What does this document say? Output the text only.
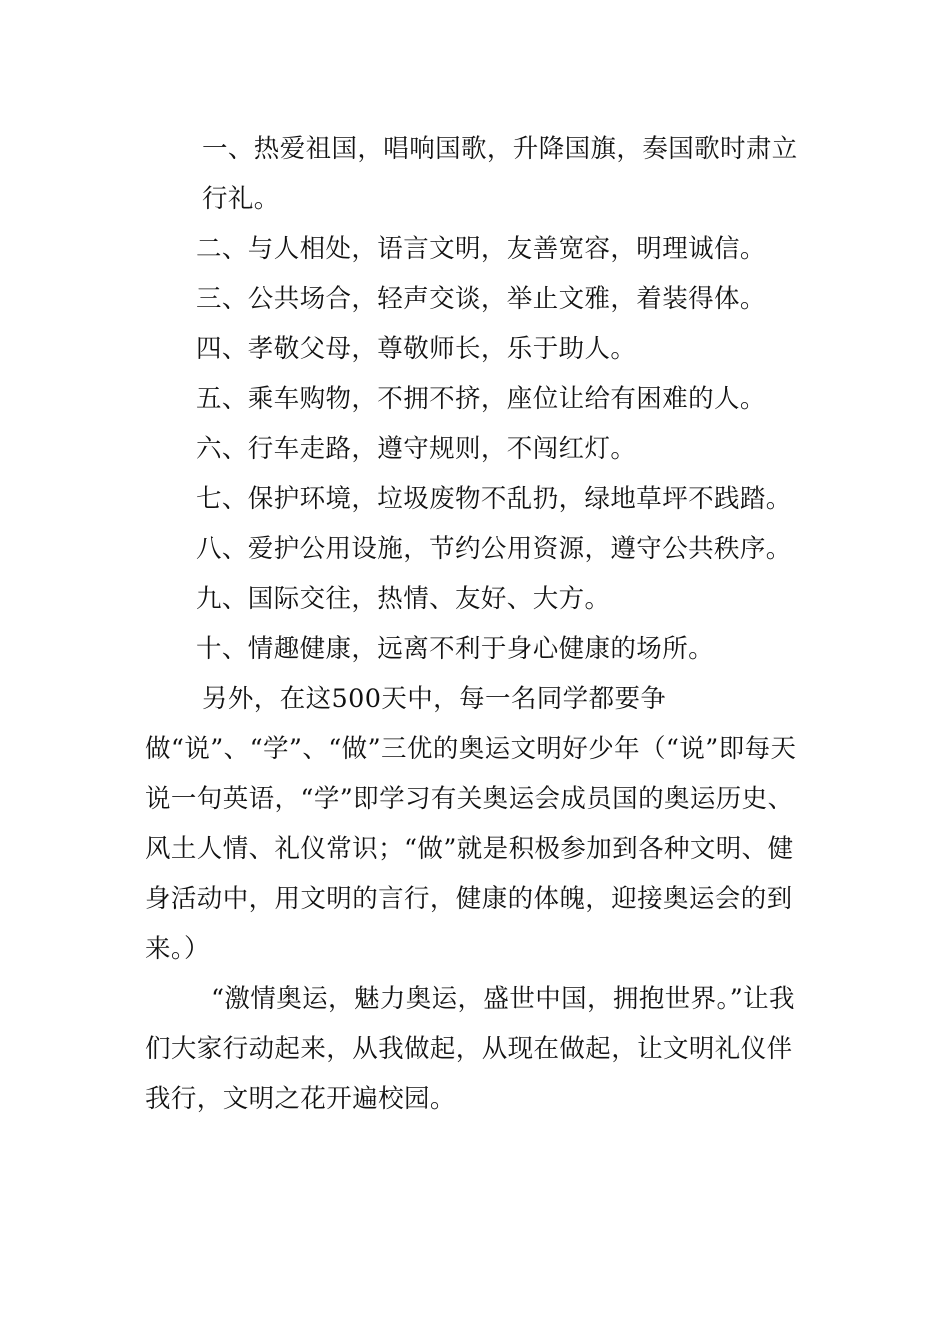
一、热爱祖国，唱响国歌，升降国旗，奏国歌时肃立行礼。

二、与人相处，语言文明，友善宽容，明理诚信。

三、公共场合，轻声交谈，举止文雅，着装得体。

四、孝敬父母，尊敬师长，乐于助人。

五、乘车购物，不拥不挤，座位让给有困难的人。

六、行车走路，遵守规则，不闯红灯。

七、保护环境，垃圾废物不乱扔，绿地草坪不践踏。

八、爱护公用设施，节约公用资源，遵守公共秩序。

九、国际交往，热情、友好、大方。

十、情趣健康，远离不利于身心健康的场所。

另外，在这500天中，每一名同学都要争做“说”、“学”、“做”三优的奥运文明好少年（“说”即每天说一句英语，“学”即学习有关奥运会成员国的奥运历史、风土人情、礼仪常识；“做”就是积极参加到各种文明、健身活动中，用文明的言行，健康的体魄，迎接奥运会的到来。）

“激情奥运，魅力奥运，盛世中国，拥抱世界。”让我们大家行动起来，从我做起，从现在做起，让文明礼仪伴我行，文明之花开遍校园。
